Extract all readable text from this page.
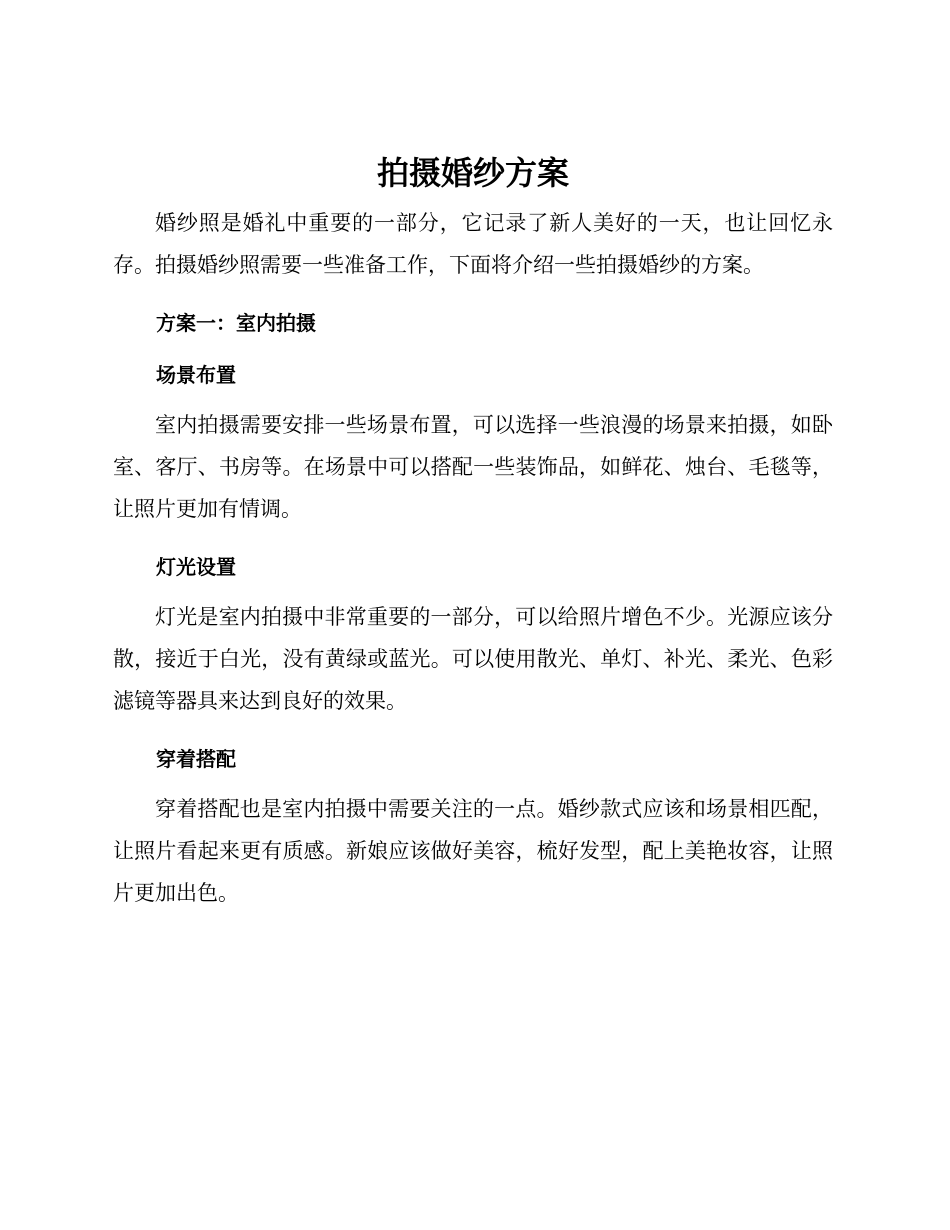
拍摄婚纱方案

婚纱照是婚礼中重要的一部分，它记录了新人美好的一天，也让回忆永存。拍摄婚纱照需要一些准备工作，下面将介绍一些拍摄婚纱的方案。

方案一：室内拍摄
场景布置

室内拍摄需要安排一些场景布置，可以选择一些浪漫的场景来拍摄，如卧室、客厅、书房等。在场景中可以搭配一些装饰品，如鲜花、烛台、毛毯等，让照片更加有情调。

灯光设置

灯光是室内拍摄中非常重要的一部分，可以给照片增色不少。光源应该分散，接近于白光，没有黄绿或蓝光。可以使用散光、单灯、补光、柔光、色彩滤镜等器具来达到良好的效果。

穿着搭配

穿着搭配也是室内拍摄中需要关注的一点。婚纱款式应该和场景相匹配，让照片看起来更有质感。新娘应该做好美容，梳好发型，配上美艳妆容，让照片更加出色。
